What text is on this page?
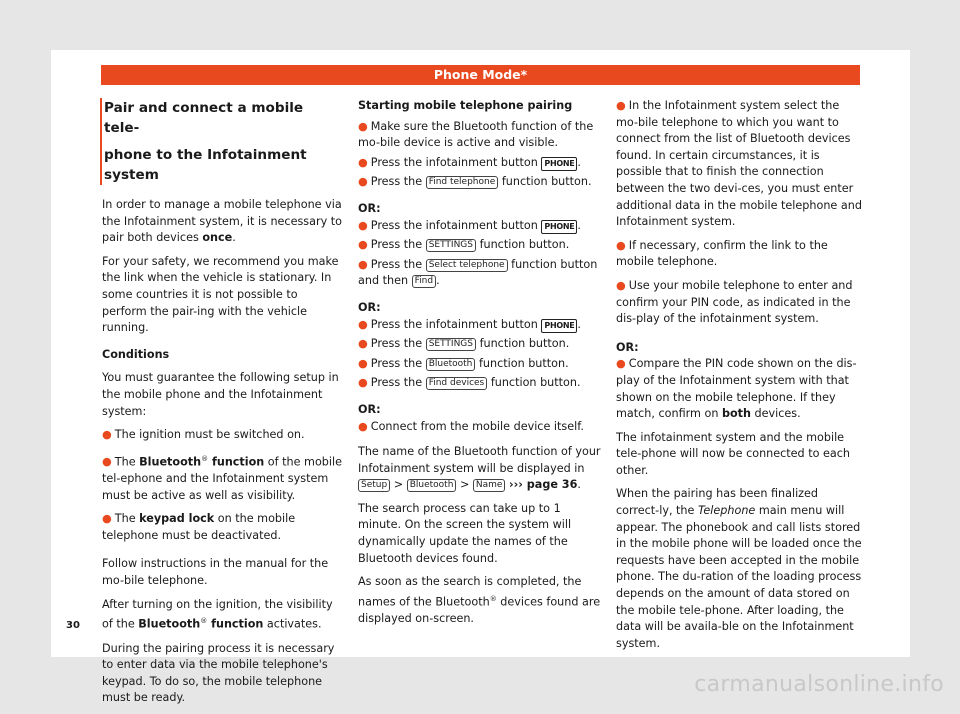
Phone Mode*

Pair and connect a mobile tele-

phone to the Infotainment system

In order to manage a mobile telephone via the Infotainment system, it is necessary to pair both devices once.

For your safety, we recommend you make the link when the vehicle is stationary. In some countries it is not possible to perform the pair-ing with the vehicle running.

Conditions

You must guarantee the following setup in the mobile phone and the Infotainment system:

● The ignition must be switched on.

● The Bluetooth® function of the mobile tel-ephone and the Infotainment system must be active as well as visibility.

● The keypad lock on the mobile telephone must be deactivated.

Follow instructions in the manual for the mo-bile telephone.

After turning on the ignition, the visibility of the Bluetooth® function activates.

During the pairing process it is necessary to enter data via the mobile telephone's keypad. To do so, the mobile telephone must be ready.

Starting mobile telephone pairing

● Make sure the Bluetooth function of the mo-bile device is active and visible.

● Press the infotainment button PHONE .

● Press the Find telephone function button.

OR:

● Press the infotainment button PHONE .

● Press the SETTINGS function button.

● Press the Select telephone function button and then Find .

OR:

● Press the infotainment button PHONE .

● Press the SETTINGS function button.

● Press the Bluetooth function button.

● Press the Find devices function button.

OR:

● Connect from the mobile device itself.

The name of the Bluetooth function of your Infotainment system will be displayed in Setup > Bluetooth > Name ››› page 36.

The search process can take up to 1 minute. On the screen the system will dynamically update the names of the Bluetooth devices found.

As soon as the search is completed, the names of the Bluetooth® devices found are displayed on-screen.

● In the Infotainment system select the mo-bile telephone to which you want to connect from the list of Bluetooth devices found. In certain circumstances, it is possible that to finish the connection between the two devi-ces, you must enter additional data in the mobile telephone and Infotainment system.

● If necessary, confirm the link to the mobile telephone.

● Use your mobile telephone to enter and confirm your PIN code, as indicated in the dis-play of the infotainment system.

OR:

● Compare the PIN code shown on the dis-play of the Infotainment system with that shown on the mobile telephone. If they match, confirm on both devices.

The infotainment system and the mobile tele-phone will now be connected to each other.

When the pairing has been finalized correct-ly, the Telephone main menu will appear. The phonebook and call lists stored in the mobile phone will be loaded once the requests have been accepted in the mobile phone. The du-ration of the loading process depends on the amount of data stored on the mobile tele-phone. After loading, the data will be availa-ble on the Infotainment system.

30
carmanualsonline.info
